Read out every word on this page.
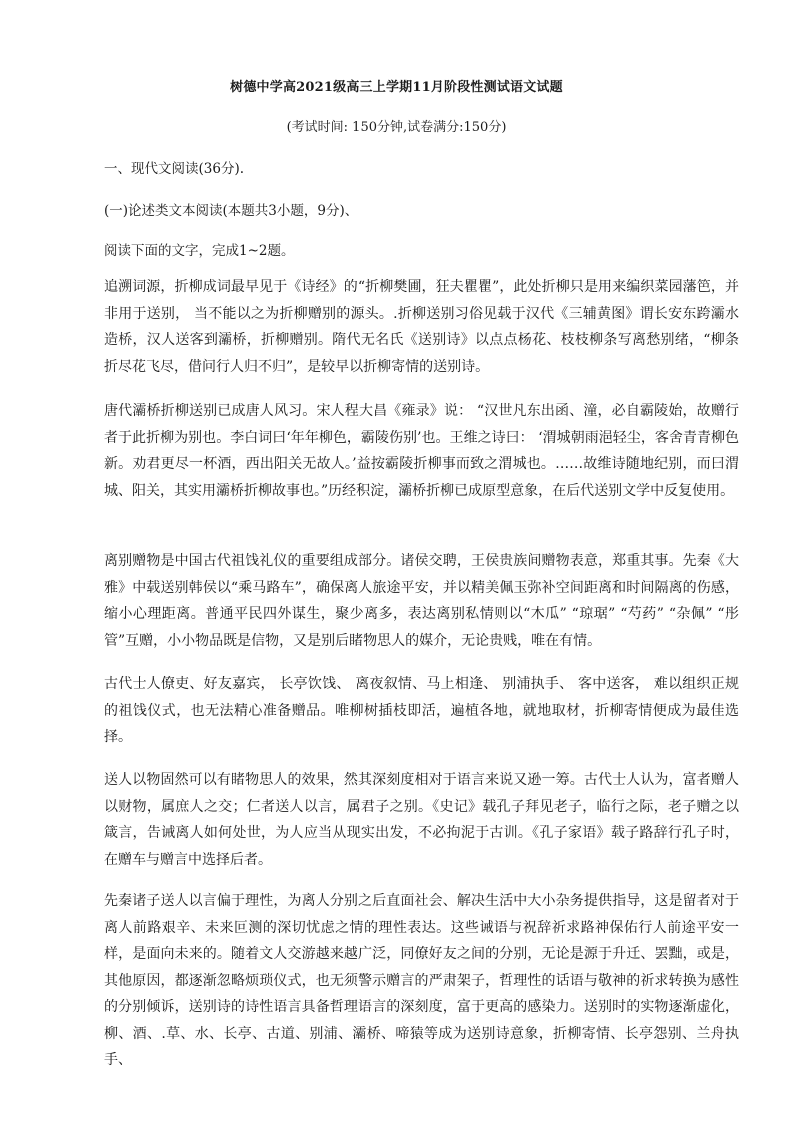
树德中学高2021级高三上学期11月阶段性测试语文试题
(考试时间: 150分钟,试卷满分:150分)
一、现代文阅读(36分).
(一)论述类文本阅读(本题共3小题，9分)、
阅读下面的文字，完成1~2题。

追溯词源，折柳成词最早见于《诗经》的“折柳樊圃，狂夫瞿瞿”，此处折柳只是用来编织菜园藩笆，并非用于送别， 当不能以之为折柳赠别的源头。.折柳送别习俗见载于汉代《三辅黄图》谓长安东跨灞水造桥，汉人送客到灞桥，折柳赠别。隋代无名氏《送别诗》以点点杨花、枝枝柳条写离愁别绪，“柳条折尽花飞尽，借问行人归不归”，是较早以折柳寄情的送别诗。

唐代灞桥折柳送别已成唐人风习。宋人程大昌《雍录》说： “汉世凡东出函、潼，必自霸陵始，故赠行者于此折柳为别也。李白词曰‘年年柳色，霸陵伤别’也。王维之诗曰： ‘渭城朝雨浥轻尘，客舍青青柳色新。劝君更尽一杯酒，西出阳关无故人。’益按霸陵折柳事而致之渭城也。……故维诗随地纪别，而曰渭城、阳关，其实用灞桥折柳故事也。”历经积淀，灞桥折柳已成原型意象，在后代送别文学中反复使用。

离别赠物是中国古代祖饯礼仪的重要组成部分。诸侯交聘，王侯贵族间赠物表意，郑重其事。先秦《大雅》中载送别韩侯以“乘马路车”，确保离人旅途平安，并以精美佩玉弥补空间距离和时间隔离的伤感，缩小心理距离。普通平民四外谋生，聚少离多，表达离别私情则以“木瓜” “琼琚” “芍药” “杂佩” “彤管”互赠，小小物品既是信物，又是别后睹物思人的媒介，无论贵贱，唯在有情。

古代士人僚吏、好友嘉宾， 长亭饮饯、 离夜叙情、马上相逢、 别浦执手、 客中送客， 难以组织正规的祖饯仪式，也无法精心准备赠品。唯柳树插枝即活，遍植各地，就地取材，折柳寄情便成为最佳选择。

送人以物固然可以有睹物思人的效果，然其深刻度相对于语言来说又逊一筹。古代士人认为，富者赠人以财物，属庶人之交；仁者送人以言，属君子之别。《史记》载孔子拜见老子，临行之际，老子赠之以箴言，告诫离人如何处世，为人应当从现实出发，不必拘泥于古训。《孔子家语》载子路辞行孔子时，在赠车与赠言中选择后者。

先秦诸子送人以言偏于理性，为离人分别之后直面社会、解决生活中大小杂务提供指导，这是留者对于离人前路艰辛、未来叵测的深切忧虑之情的理性表达。这些诫语与祝辞祈求路神保佑行人前途平安一样，是面向未来的。随着文人交游越来越广泛，同僚好友之间的分别，无论是源于升迁、罢黜，或是，其他原因，都逐渐忽略烦琐仪式，也无须警示赠言的严肃架子，哲理性的话语与敬神的祈求转换为感性的分别倾诉，送别诗的诗性语言具备哲理语言的深刻度，富于更高的感染力。送别时的实物逐渐虚化，柳、酒、.草、水、长亭、古道、别浦、灞桥、啼猿等成为送别诗意象，折柳寄情、长亭怨别、兰舟执手、
